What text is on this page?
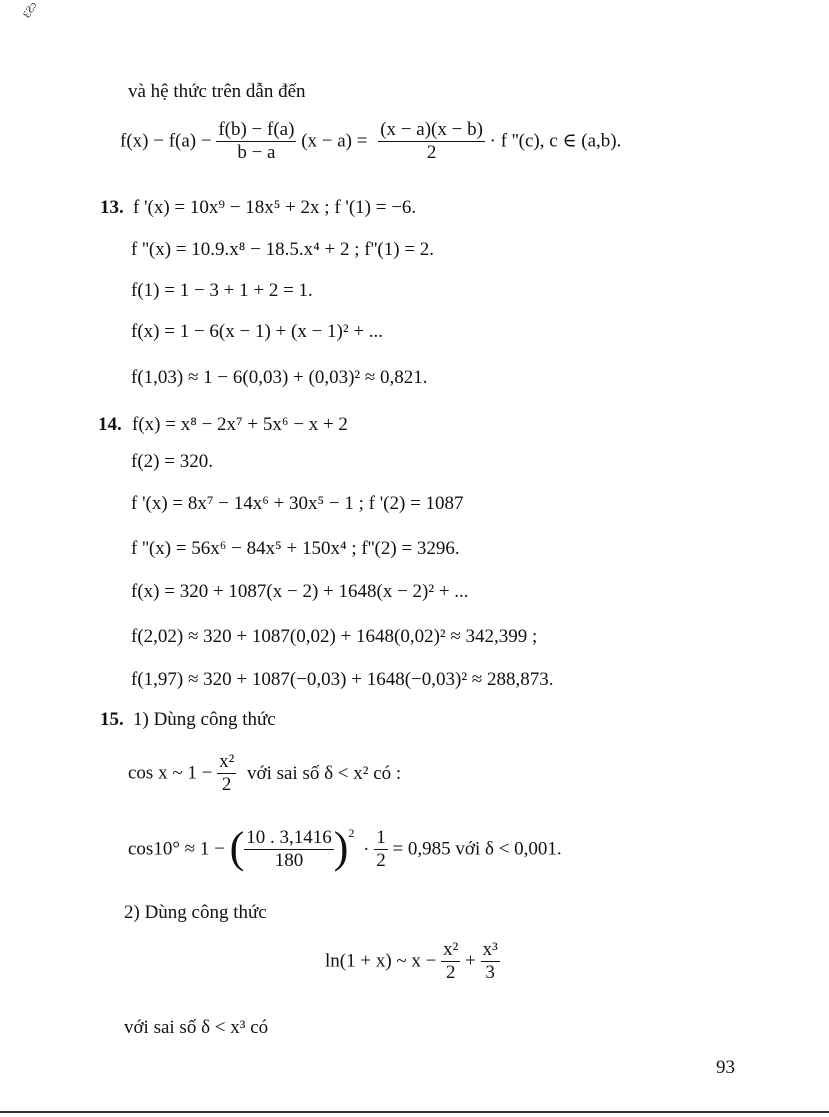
ƐƧɔ
và hệ thức trên dẫn đến
$f(x) - f(a) - \frac{f(b) - f(a)}{b - a} (x - a) = \frac{(x - a)(x - b)}{2} \cdot f$ ''(c), c ∈ (a,b).
13. f '(x) = 10x⁹ − 18x⁵ + 2x ; f '(1) = −6.
f ''(x) = 10.9.x⁸ − 18.5.x⁴ + 2 ; f''(1) = 2.
f(1) = 1 − 3 + 1 + 2 = 1.
f(x) = 1 − 6(x − 1) + (x − 1)² + ...
f(1,03) ≈ 1 − 6(0,03) + (0,03)² ≈ 0,821.
14. f(x) = x⁸ − 2x⁷ + 5x⁶ − x + 2
f(2) = 320.
f '(x) = 8x⁷ − 14x⁶ + 30x⁵ − 1 ; f '(2) = 1087
f ''(x) = 56x⁶ − 84x⁵ + 150x⁴ ; f''(2) = 3296.
f(x) = 320 + 1087(x − 2) + 1648(x − 2)² + ...
f(2,02) ≈ 320 + 1087(0,02) + 1648(0,02)² ≈ 342,399 ;
f(1,97) ≈ 320 + 1087(−0,03) + 1648(−0,03)² ≈ 288,873.
15. 1) Dùng công thức
cos x ~ $1 - \frac{\text{x²}}{2}$ với sai số δ < x² có :
cos10° ≈ 1 − ( $\frac{10 . 3,1416}{180} )^2 \cdot \frac{1}{2} = 0,985$ với δ < 0,001.
2) Dùng công thức
ln(1 + x) ~ $x - \frac{\text{x²}}{2} + \frac{\text{x³}}{3}$
với sai số δ < x³ có
93
